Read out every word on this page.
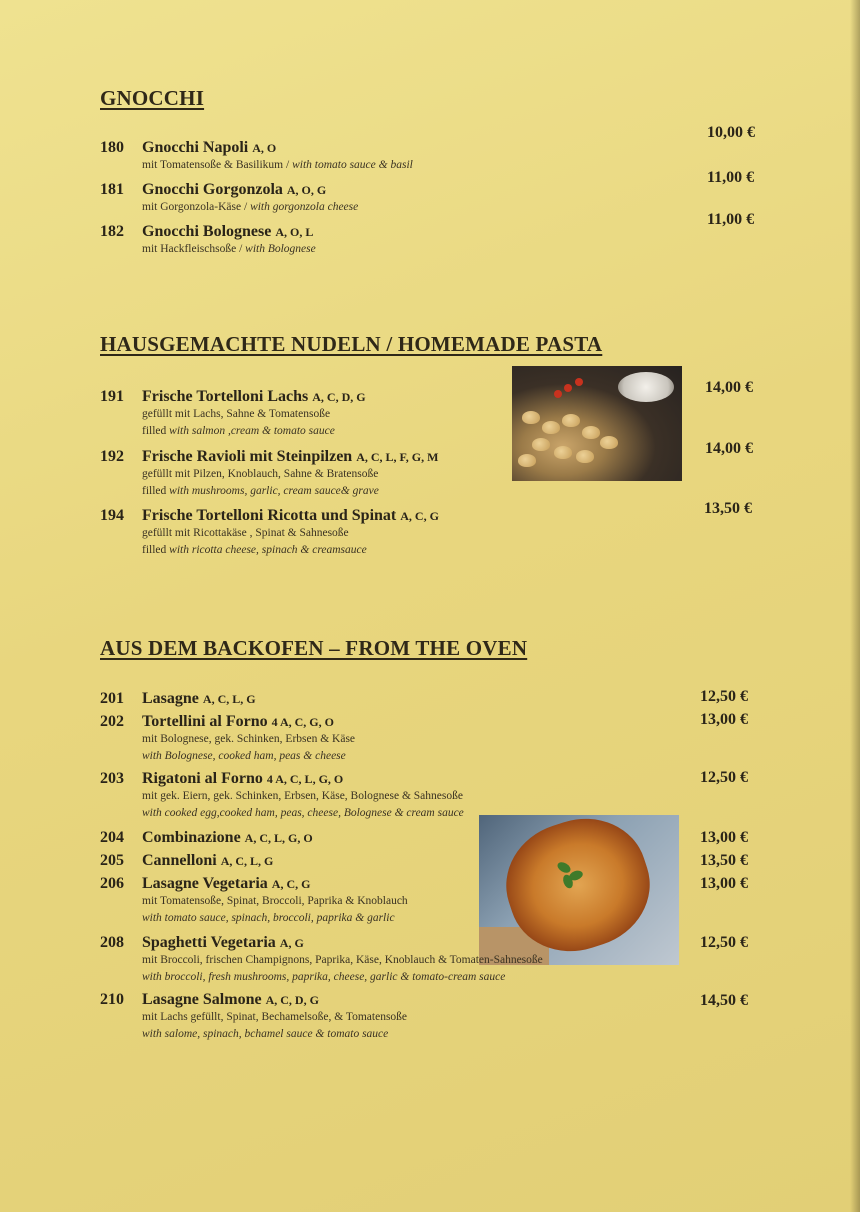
GNOCCHI
180	Gnocchi Napoli A, O
mit Tomatensoße & Basilikum / with tomato sauce & basil
10,00 €
181	Gnocchi Gorgonzola A, O, G
mit Gorgonzola-Käse / with gorgonzola cheese
11,00 €
182	Gnocchi Bolognese A, O, L
mit Hackfleischsoße / with Bolognese
11,00 €
HAUSGEMACHTE NUDELN / HOMEMADE PASTA
191	Frische Tortelloni Lachs A, C, D, G
gefüllt mit Lachs, Sahne & Tomatensoße
filled with salmon ,cream & tomato sauce
14,00 €
192	Frische Ravioli mit Steinpilzen A, C, L, F, G, M
gefüllt mit Pilzen, Knoblauch, Sahne & Bratensoße
filled with mushrooms, garlic, cream sauce& grave
14,00 €
194	Frische Tortelloni Ricotta und Spinat A, C, G
gefüllt mit Ricottakäse , Spinat & Sahnesoße
filled with ricotta cheese, spinach & creamsauce
13,50 €
AUS DEM BACKOFEN – FROM THE OVEN
201	Lasagne A, C, L, G	12,50 €
202	Tortellini al Forno 4 A, C, G, O
mit Bolognese, gek. Schinken, Erbsen & Käse
with Bolognese, cooked ham, peas & cheese
13,00 €
203	Rigatoni al Forno 4 A, C, L, G, O
mit gek. Eiern, gek. Schinken, Erbsen, Käse, Bolognese & Sahnesoße
with cooked egg,cooked ham, peas, cheese, Bolognese & cream sauce
12,50 €
204	Combinazione A, C, L, G, O	13,00 €
205	Cannelloni A, C, L, G	13,50 €
206	Lasagne Vegetaria A, C, G
mit Tomatensoße, Spinat, Broccoli, Paprika & Knoblauch
with tomato sauce, spinach, broccoli, paprika & garlic
13,00 €
208	Spaghetti Vegetaria A, G
mit Broccoli, frischen Champignons, Paprika, Käse, Knoblauch & Tomaten-Sahnesoße
with broccoli, fresh mushrooms, paprika, cheese, garlic & tomato-cream sauce
12,50 €
210	Lasagne Salmone A, C, D, G
mit Lachs gefüllt, Spinat, Bechamelsoße, & Tomatensoße
with salome, spinach, bchamel sauce & tomato sauce
14,50 €
